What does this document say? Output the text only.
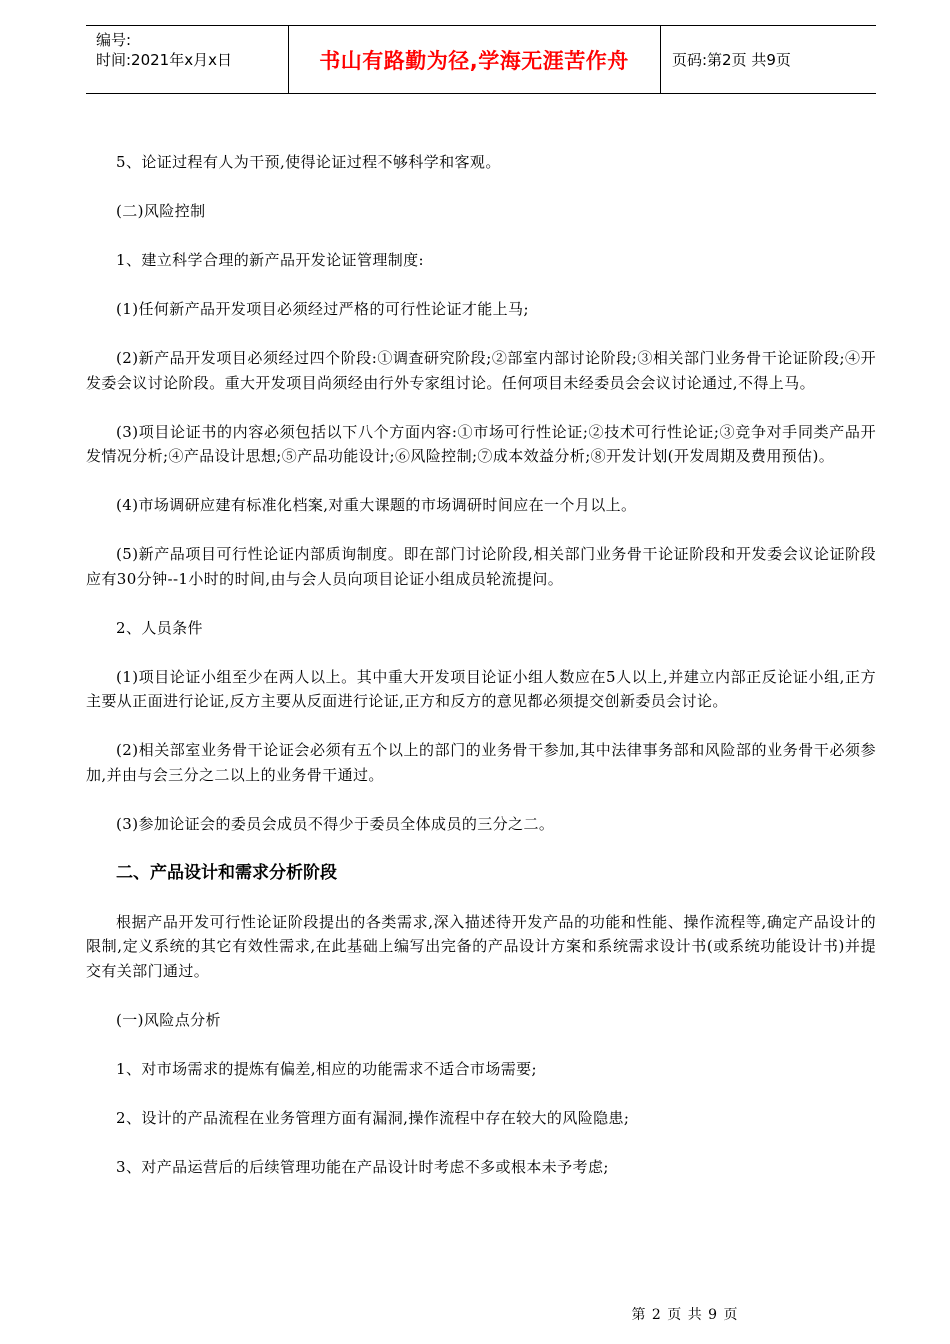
编号:
时间:2021年x月x日	书山有路勤为径,学海无涯苦作舟	页码:第2页 共9页

5、论证过程有人为干预,使得论证过程不够科学和客观。

(二)风险控制

1、建立科学合理的新产品开发论证管理制度:

(1)任何新产品开发项目必须经过严格的可行性论证才能上马;

(2)新产品开发项目必须经过四个阶段:①调查研究阶段;②部室内部讨论阶段;③相关部门业务骨干论证阶段;④开发委会议讨论阶段。重大开发项目尚须经由行外专家组讨论。任何项目未经委员会会议讨论通过,不得上马。

(3)项目论证书的内容必须包括以下八个方面内容:①市场可行性论证;②技术可行性论证;③竞争对手同类产品开发情况分析;④产品设计思想;⑤产品功能设计;⑥风险控制;⑦成本效益分析;⑧开发计划(开发周期及费用预估)。

(4)市场调研应建有标准化档案,对重大课题的市场调研时间应在一个月以上。

(5)新产品项目可行性论证内部质询制度。即在部门讨论阶段,相关部门业务骨干论证阶段和开发委会议论证阶段应有30分钟--1小时的时间,由与会人员向项目论证小组成员轮流提问。

2、人员条件

(1)项目论证小组至少在两人以上。其中重大开发项目论证小组人数应在5人以上,并建立内部正反论证小组,正方主要从正面进行论证,反方主要从反面进行论证,正方和反方的意见都必须提交创新委员会讨论。

(2)相关部室业务骨干论证会必须有五个以上的部门的业务骨干参加,其中法律事务部和风险部的业务骨干必须参加,并由与会三分之二以上的业务骨干通过。

(3)参加论证会的委员会成员不得少于委员全体成员的三分之二。

二、产品设计和需求分析阶段

根据产品开发可行性论证阶段提出的各类需求,深入描述待开发产品的功能和性能、操作流程等,确定产品设计的限制,定义系统的其它有效性需求,在此基础上编写出完备的产品设计方案和系统需求设计书(或系统功能设计书)并提交有关部门通过。

(一)风险点分析

1、对市场需求的提炼有偏差,相应的功能需求不适合市场需要;

2、设计的产品流程在业务管理方面有漏洞,操作流程中存在较大的风险隐患;

3、对产品运营后的后续管理功能在产品设计时考虑不多或根本未予考虑;

第 2 页 共 9 页
